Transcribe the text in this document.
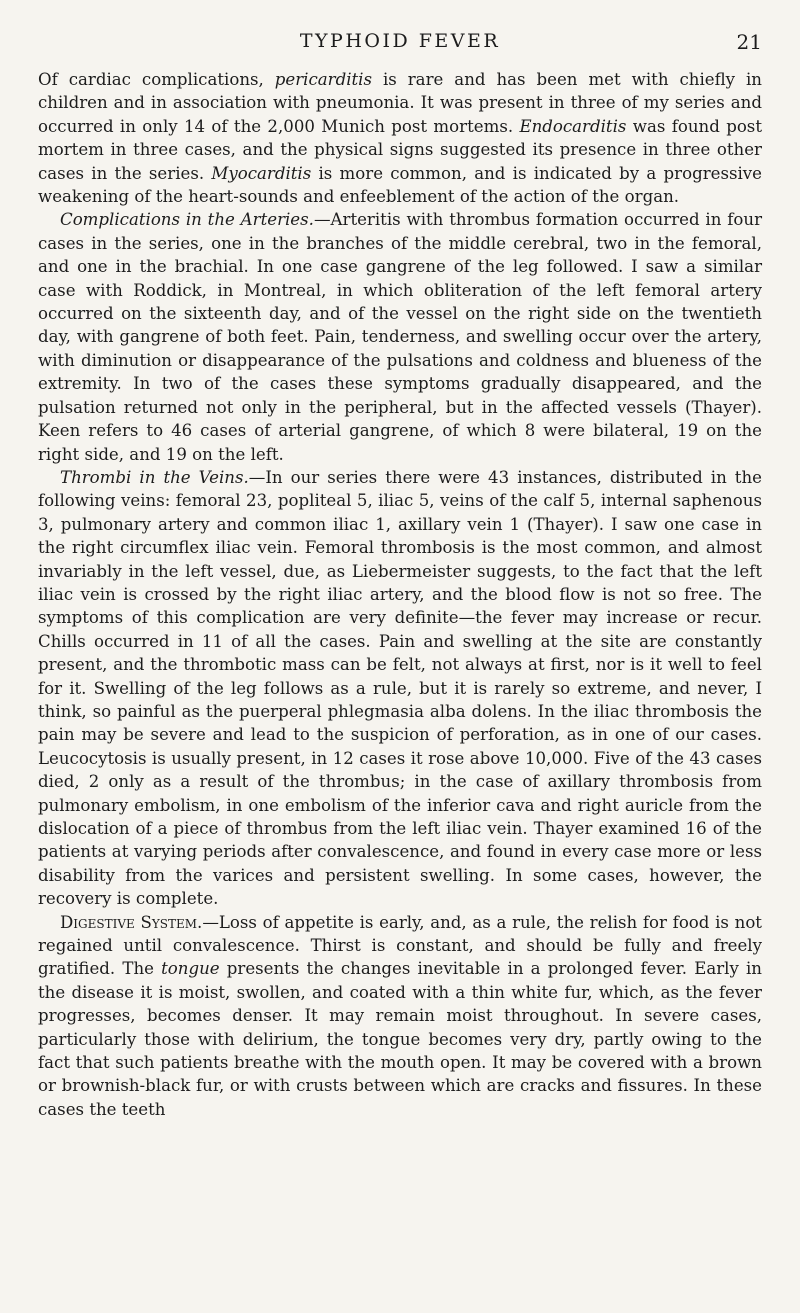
TYPHOID FEVER	21

Of cardiac complications, pericarditis is rare and has been met with chiefly in children and in association with pneumonia. It was present in three of my series and occurred in only 14 of the 2,000 Munich post mortems. Endocarditis was found post mortem in three cases, and the physical signs suggested its presence in three other cases in the series. Myocarditis is more common, and is indicated by a progressive weakening of the heart-sounds and enfeeblement of the action of the organ.

Complications in the Arteries.—Arteritis with thrombus formation occurred in four cases in the series, one in the branches of the middle cerebral, two in the femoral, and one in the brachial. In one case gangrene of the leg followed. I saw a similar case with Roddick, in Montreal, in which obliteration of the left femoral artery occurred on the sixteenth day, and of the vessel on the right side on the twentieth day, with gangrene of both feet. Pain, tenderness, and swelling occur over the artery, with diminution or disappearance of the pulsations and coldness and blueness of the extremity. In two of the cases these symptoms gradually disappeared, and the pulsation returned not only in the peripheral, but in the affected vessels (Thayer). Keen refers to 46 cases of arterial gangrene, of which 8 were bilateral, 19 on the right side, and 19 on the left.

Thrombi in the Veins.—In our series there were 43 instances, distributed in the following veins: femoral 23, popliteal 5, iliac 5, veins of the calf 5, internal saphenous 3, pulmonary artery and common iliac 1, axillary vein 1 (Thayer). I saw one case in the right circumflex iliac vein. Femoral thrombosis is the most common, and almost invariably in the left vessel, due, as Liebermeister suggests, to the fact that the left iliac vein is crossed by the right iliac artery, and the blood flow is not so free. The symptoms of this complication are very definite—the fever may increase or recur. Chills occurred in 11 of all the cases. Pain and swelling at the site are constantly present, and the thrombotic mass can be felt, not always at first, nor is it well to feel for it. Swelling of the leg follows as a rule, but it is rarely so extreme, and never, I think, so painful as the puerperal phlegmasia alba dolens. In the iliac thrombosis the pain may be severe and lead to the suspicion of perforation, as in one of our cases. Leucocytosis is usually present, in 12 cases it rose above 10,000. Five of the 43 cases died, 2 only as a result of the thrombus; in the case of axillary thrombosis from pulmonary embolism, in one embolism of the inferior cava and right auricle from the dislocation of a piece of thrombus from the left iliac vein. Thayer examined 16 of the patients at varying periods after convalescence, and found in every case more or less disability from the varices and persistent swelling. In some cases, however, the recovery is complete.

Digestive System.—Loss of appetite is early, and, as a rule, the relish for food is not regained until convalescence. Thirst is constant, and should be fully and freely gratified. The tongue presents the changes inevitable in a prolonged fever. Early in the disease it is moist, swollen, and coated with a thin white fur, which, as the fever progresses, becomes denser. It may remain moist throughout. In severe cases, particularly those with delirium, the tongue becomes very dry, partly owing to the fact that such patients breathe with the mouth open. It may be covered with a brown or brownish-black fur, or with crusts between which are cracks and fissures. In these cases the teeth
